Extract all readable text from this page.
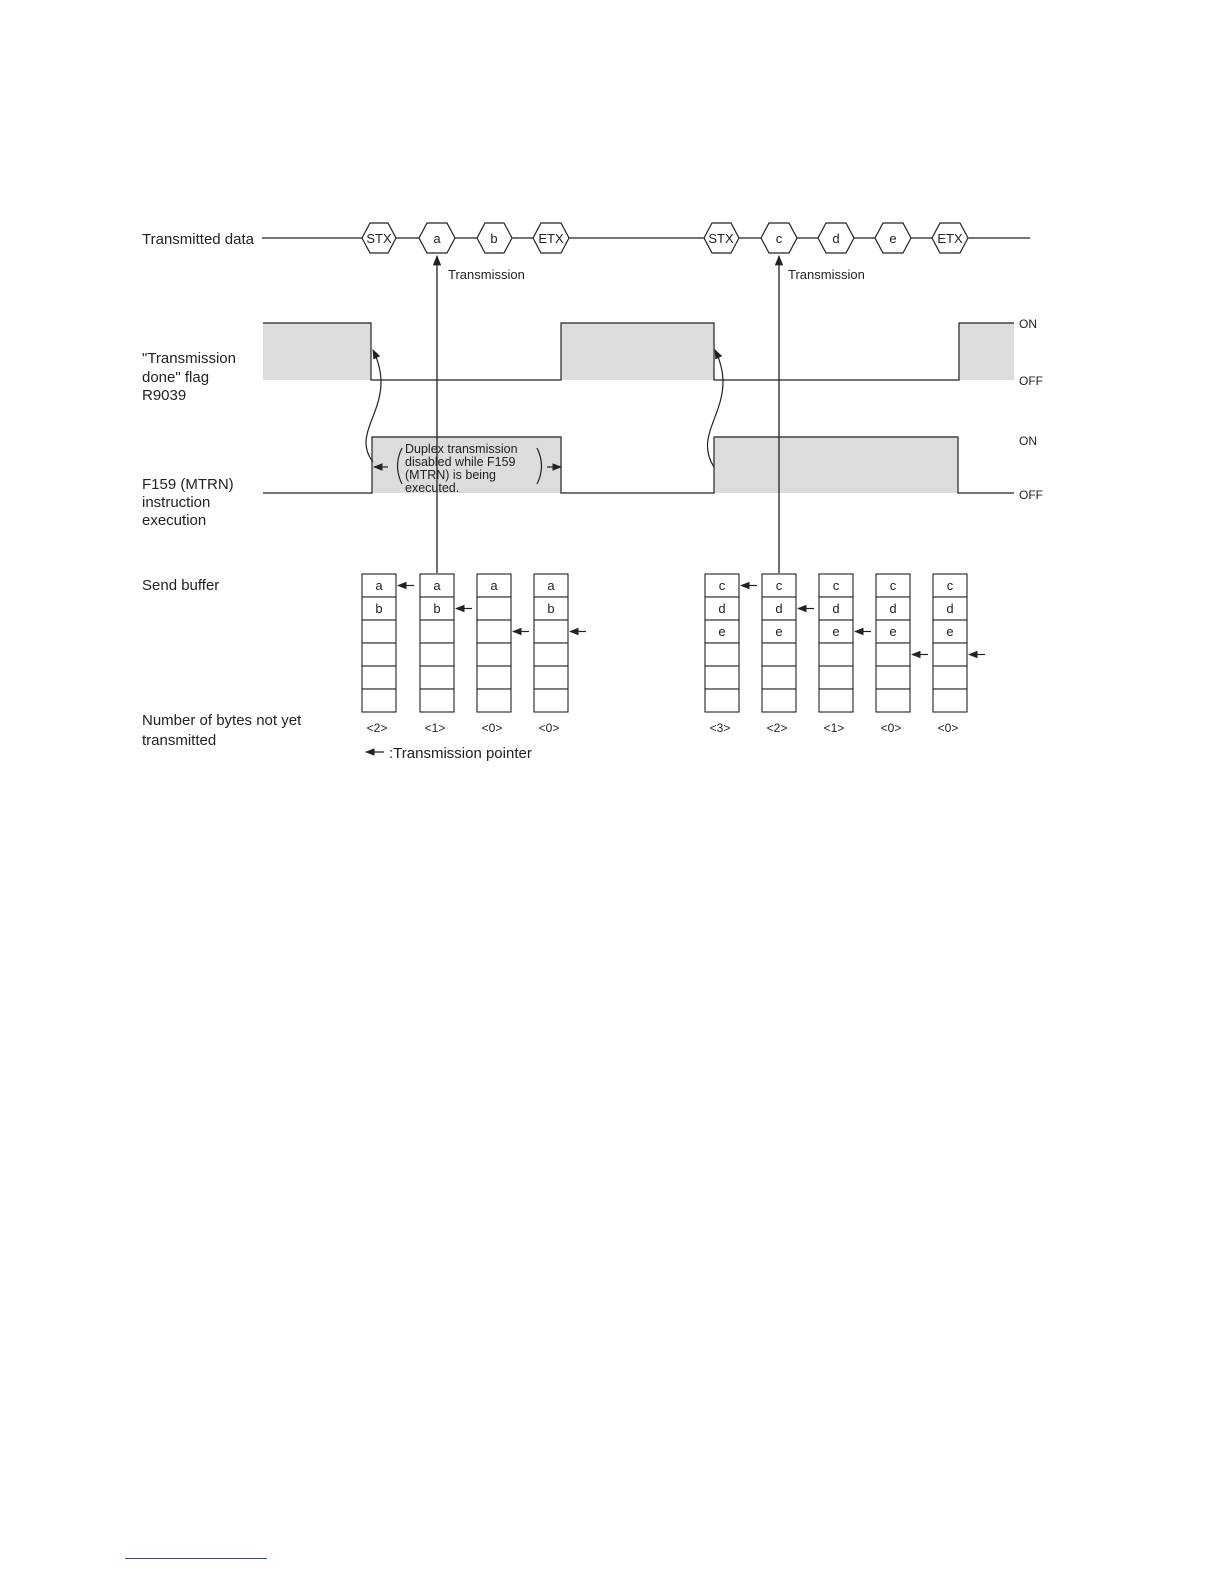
Transmitted data
"Transmission
done" flag
R9039
F159 (MTRN)
instruction
execution
Send buffer
Number of bytes not yet
transmitted
STX	a	b	ETX	STX	c	d	e	ETX
Transmission	Transmission
ON
OFF
ON
OFF
Duplex transmission
disabled while F159
(MTRN) is being
executed.
a
b
<2>
a
b
<1>
a
<0>
a
b
<0>
c
d
e
<3>
c
d
e
<2>
c
d
e
<1>
c
d
e
<0>
c
d
e
<0>
:Transmission pointer
